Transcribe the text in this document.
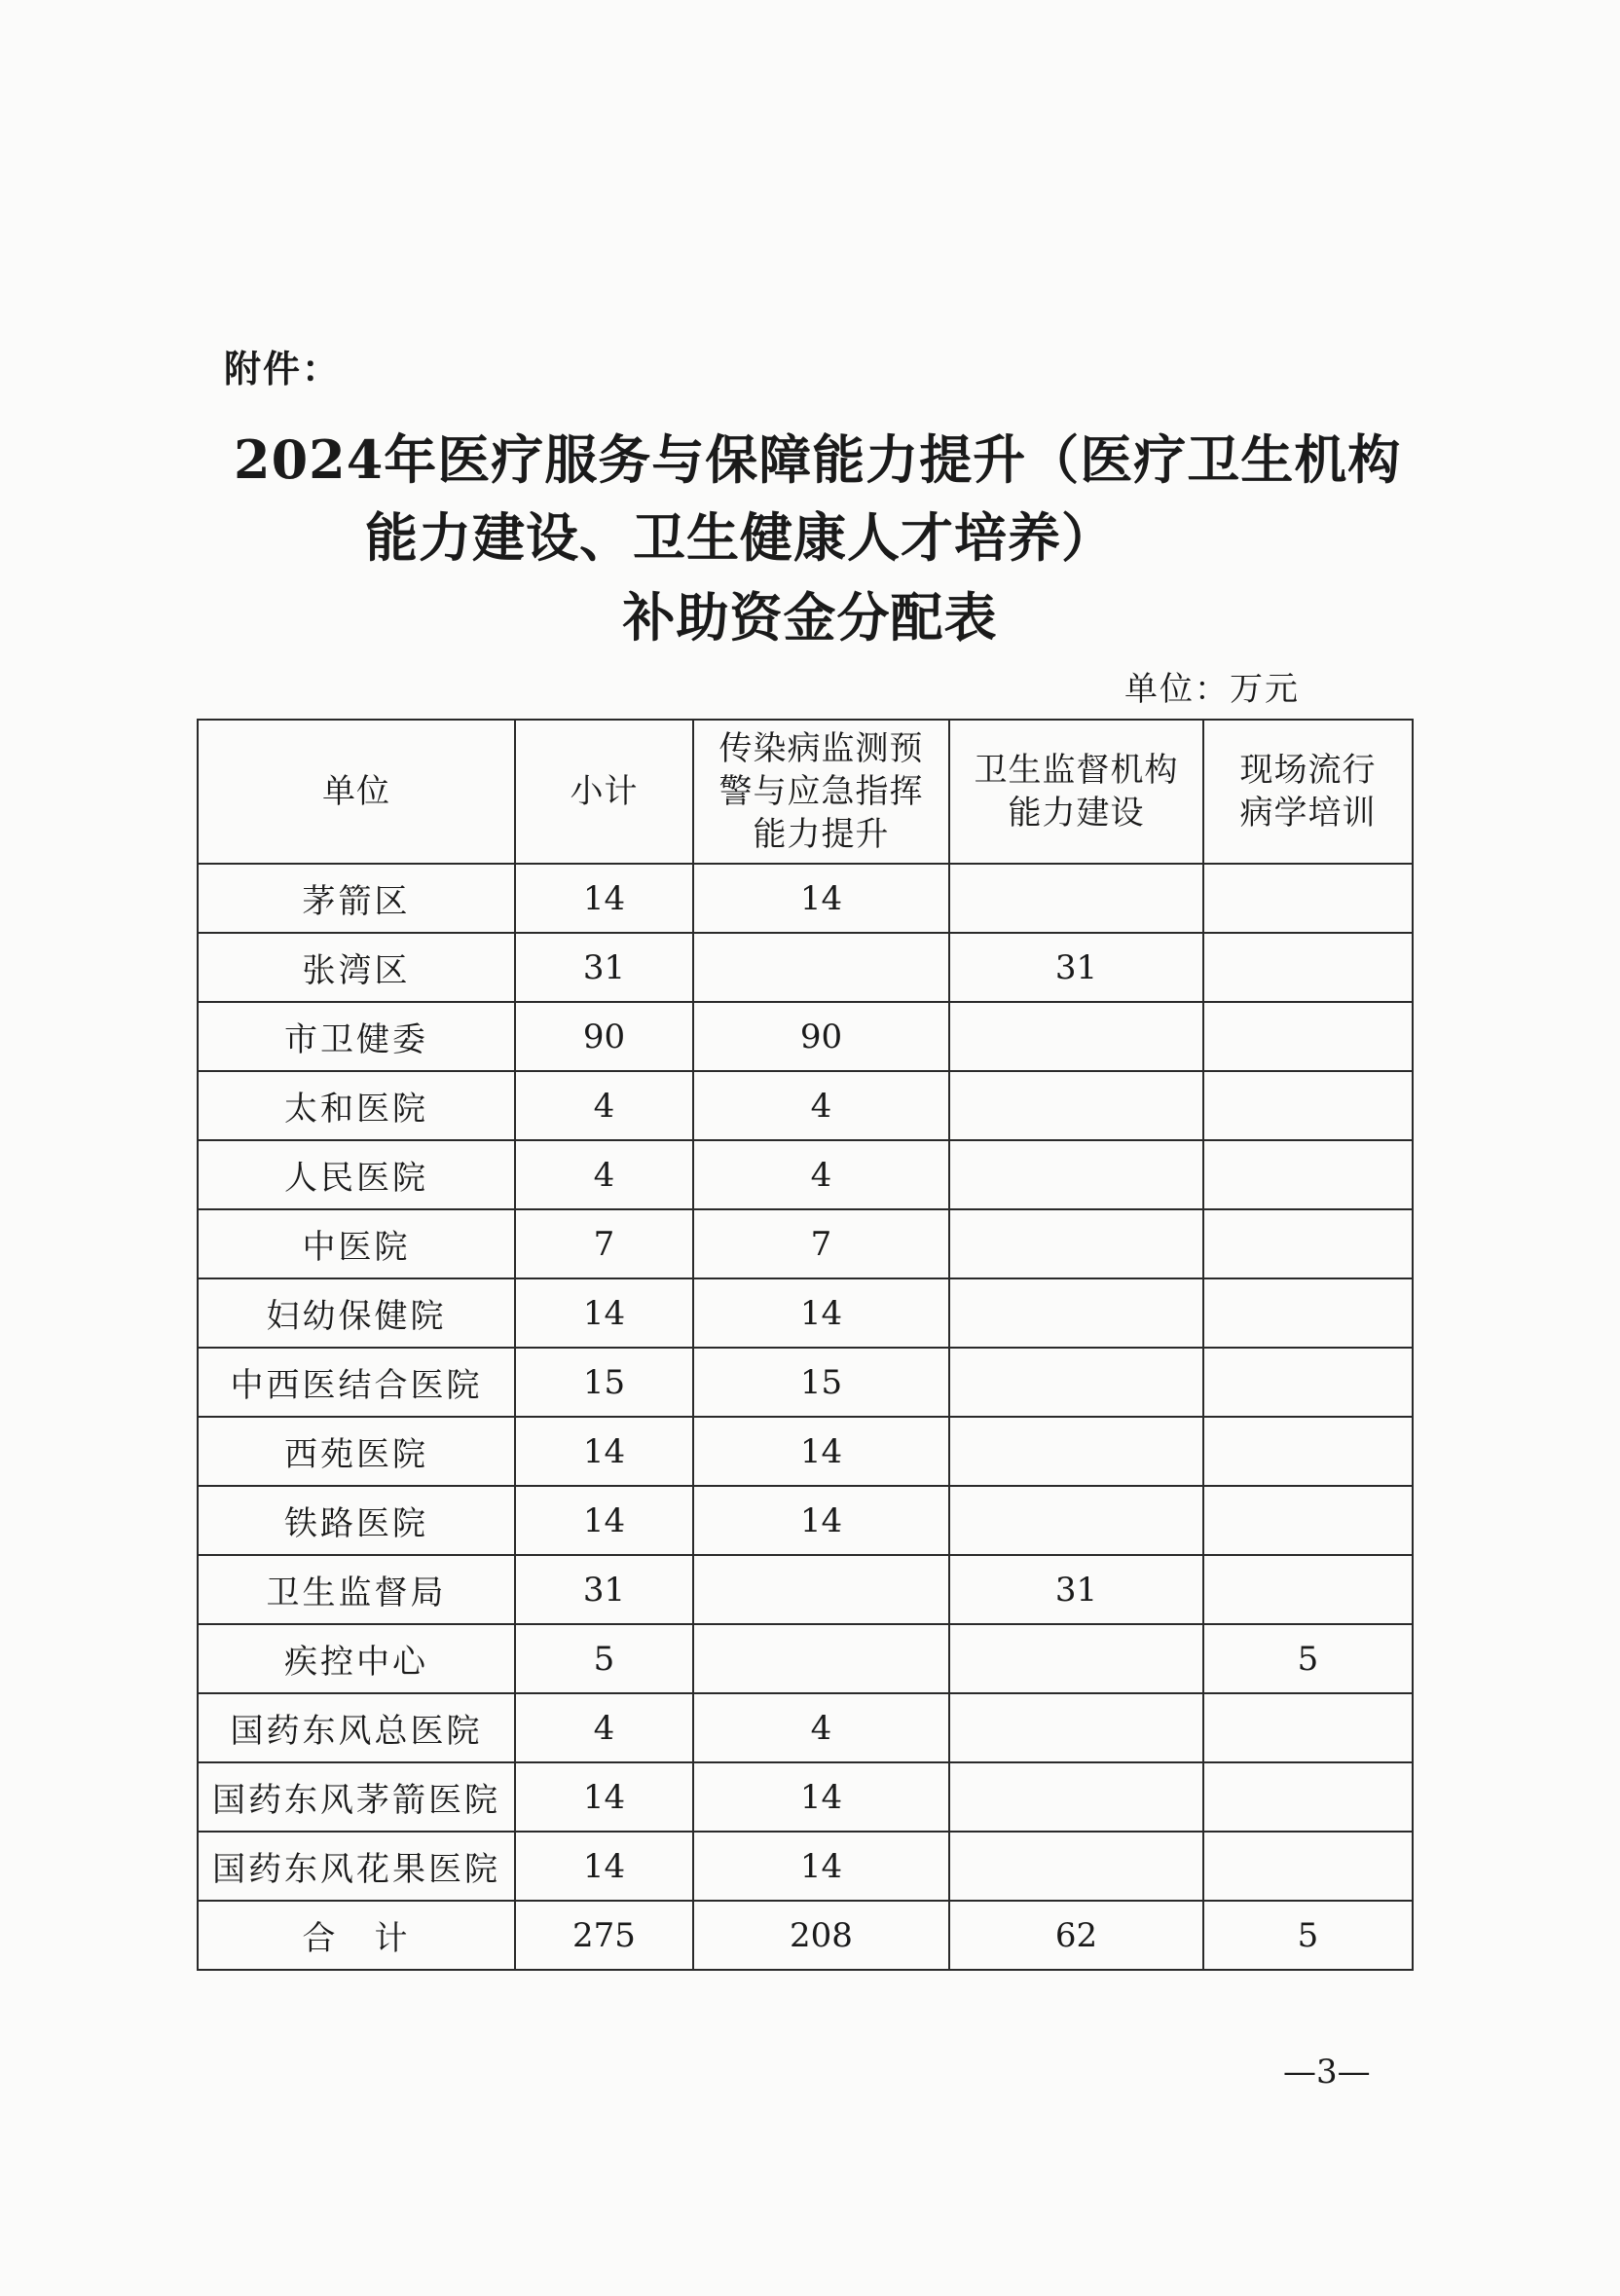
附件：
2024年医疗服务与保障能力提升（医疗卫生机构
能力建设、卫生健康人才培养）
补助资金分配表
单位：万元
单位	小计	传染病监测预警与应急指挥能力提升	卫生监督机构能力建设	现场流行病学培训
茅箭区	14	14		
张湾区	31		31	
市卫健委	90	90		
太和医院	4	4		
人民医院	4	4		
中医院	7	7		
妇幼保健院	14	14		
中西医结合医院	15	15		
西苑医院	14	14		
铁路医院	14	14		
卫生监督局	31		31	
疾控中心	5			5
国药东风总医院	4	4		
国药东风茅箭医院	14	14		
国药东风花果医院	14	14		
合　计	275	208	62	5
—3—
